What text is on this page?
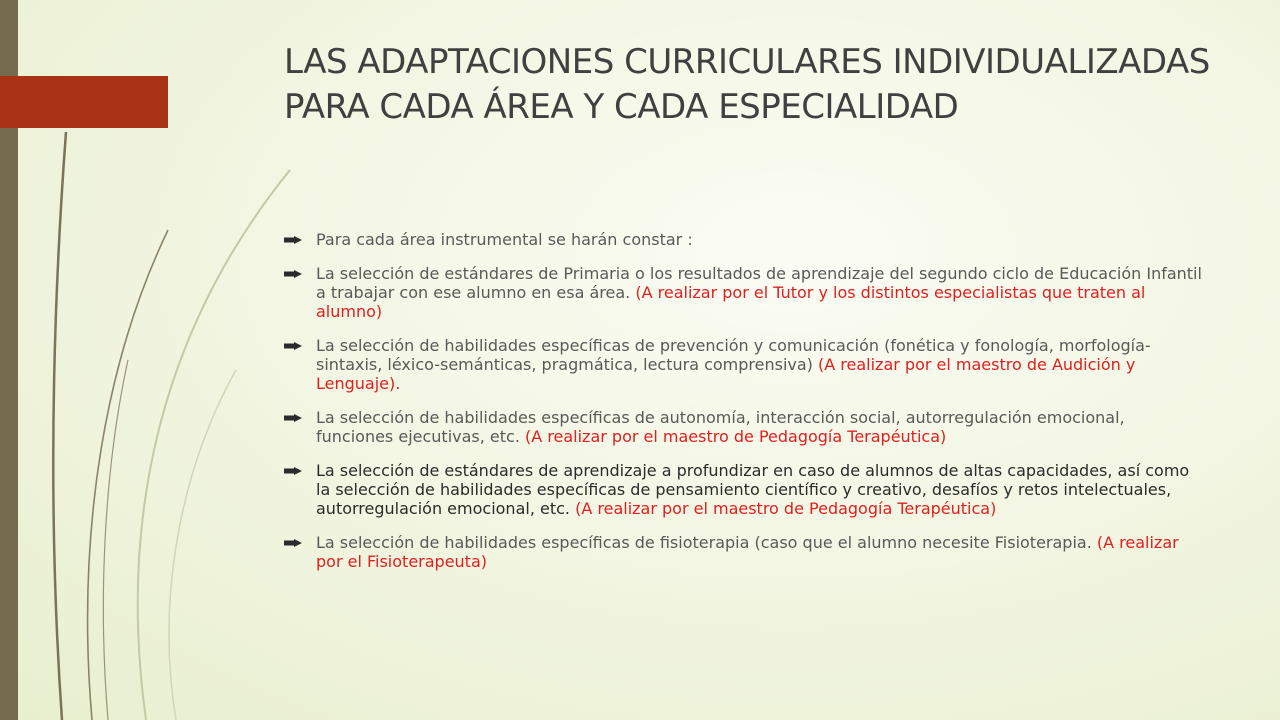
LAS ADAPTACIONES CURRICULARES INDIVIDUALIZADAS PARA CADA ÁREA Y CADA ESPECIALIDAD
Para cada área instrumental se harán constar :
La selección de estándares de Primaria o los resultados de aprendizaje del segundo ciclo de Educación Infantil a trabajar con ese alumno en esa área. (A realizar por el Tutor y los distintos especialistas que traten al alumno)
La selección de habilidades específicas de prevención y comunicación (fonética y fonología, morfología-sintaxis, léxico-semánticas, pragmática, lectura comprensiva) (A realizar por el maestro de Audición y Lenguaje).
La selección de habilidades específicas de autonomía, interacción social, autorregulación emocional, funciones ejecutivas, etc. (A realizar por el maestro de Pedagogía Terapéutica)
La selección de estándares de aprendizaje a profundizar en caso de alumnos de altas capacidades, así como la selección de habilidades específicas de pensamiento científico y creativo, desafíos y retos intelectuales, autorregulación emocional, etc. (A realizar por el maestro de Pedagogía Terapéutica)
La selección de habilidades específicas de fisioterapia (caso que el alumno necesite Fisioterapia. (A realizar por el Fisioterapeuta)
